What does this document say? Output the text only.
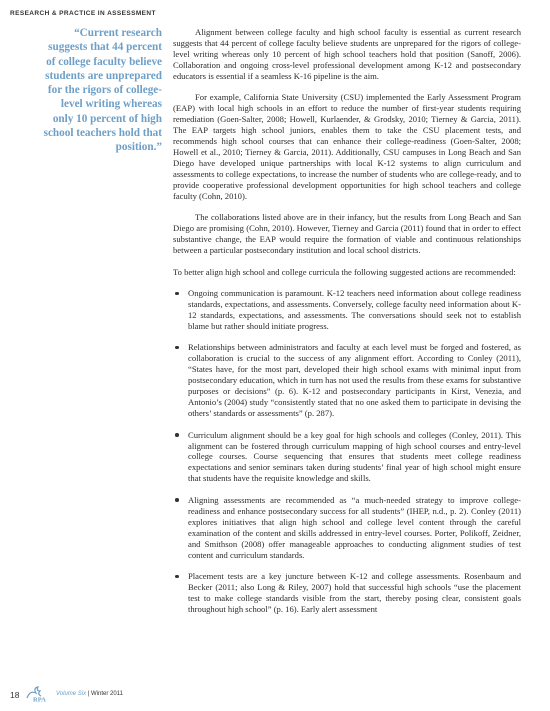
RESEARCH & PRACTICE IN ASSESSMENT
“Current research suggests that 44 percent of college faculty believe students are unprepared for the rigors of college-level writing whereas only 10 percent of high school teachers hold that position.”

Alignment between college faculty and high school faculty is essential as current research suggests that 44 percent of college faculty believe students are unprepared for the rigors of college-level writing whereas only 10 percent of high school teachers hold that position (Sanoff, 2006). Collaboration and ongoing cross-level professional development among K-12 and postsecondary educators is essential if a seamless K-16 pipeline is the aim.

For example, California State University (CSU) implemented the Early Assessment Program (EAP) with local high schools in an effort to reduce the number of first-year students requiring remediation (Goen-Salter, 2008; Howell, Kurlaender, & Grodsky, 2010; Tierney & Garcia, 2011). The EAP targets high school juniors, enables them to take the CSU placement tests, and recommends high school courses that can enhance their college-readiness (Goen-Salter, 2008; Howell et al., 2010; Tierney & Garcia, 2011). Additionally, CSU campuses in Long Beach and San Diego have developed unique partnerships with local K-12 systems to align curriculum and assessments to college expectations, to increase the number of students who are college-ready, and to provide cooperative professional development opportunities for high school teachers and college faculty (Cohn, 2010).

The collaborations listed above are in their infancy, but the results from Long Beach and San Diego are promising (Cohn, 2010). However, Tierney and Garcia (2011) found that in order to effect substantive change, the EAP would require the formation of viable and continuous relationships between a particular postsecondary institution and local school districts.

To better align high school and college curricula the following suggested actions are recommended:

Ongoing communication is paramount. K-12 teachers need information about college readiness standards, expectations, and assessments. Conversely, college faculty need information about K-12 standards, expectations, and assessments. The conversations should seek not to establish blame but rather should initiate progress.
Relationships between administrators and faculty at each level must be forged and fostered, as collaboration is crucial to the success of any alignment effort. According to Conley (2011), “States have, for the most part, developed their high school exams with minimal input from postsecondary education, which in turn has not used the results from these exams for substantive purposes or decisions” (p. 6). K-12 and postsecondary participants in Kirst, Venezia, and Antonio’s (2004) study “consistently stated that no one asked them to participate in devising the others’ standards or assessments” (p. 287).
Curriculum alignment should be a key goal for high schools and colleges (Conley, 2011). This alignment can be fostered through curriculum mapping of high school courses and entry-level college courses. Course sequencing that ensures that students meet college readiness expectations and senior seminars taken during students’ final year of high school might ensure that students have the requisite knowledge and skills.
Aligning assessments are recommended as “a much-needed strategy to improve college-readiness and enhance postsecondary success for all students” (IHEP, n.d., p. 2). Conley (2011) explores initiatives that align high school and college level content through the careful examination of the content and skills addressed in entry-level courses. Porter, Polikoff, Zeidner, and Smithson (2008) offer manageable approaches to conducting alignment studies of test content and curriculum standards.
Placement tests are a key juncture between K-12 and college assessments. Rosenbaum and Becker (2011; also Long & Riley, 2007) hold that successful high schools “use the placement test to make college standards visible from the start, thereby posing clear, consistent goals throughout high school” (p. 16). Early alert assessment
18 RPA
Volume Six | Winter 2011
